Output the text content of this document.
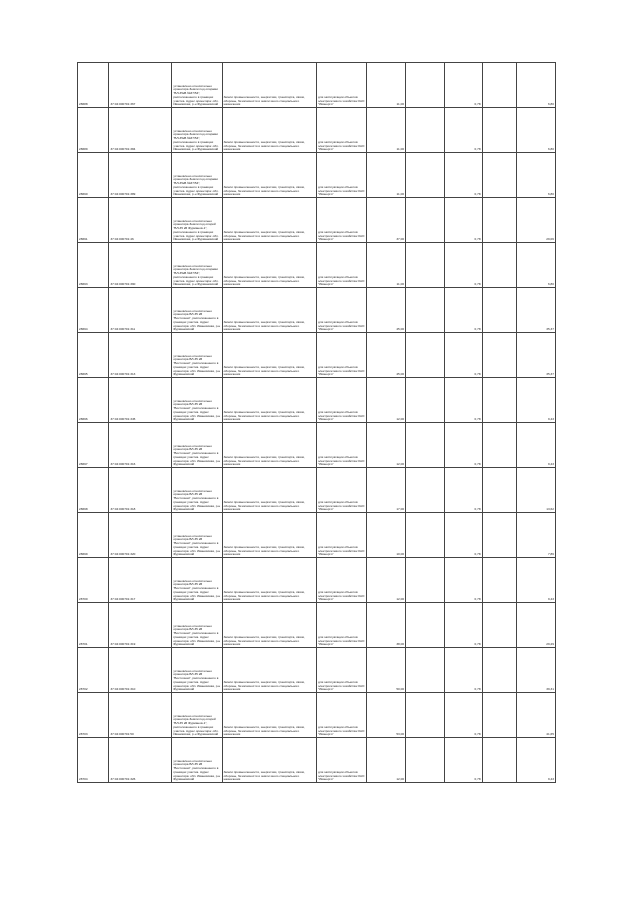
28688	37:04:000701:367	установлено относительно ориентира Земли под опорами "ВЛ-35кВ №37/54", расположенного в границах участка. Адрес ориентира: обл. Ивановская, р-н Фурмановский	Земли промышленности, энергетики, транспорта, связи, обороны, безопасности и земли иного специального назначения	для эксплуатации объектов электросетевого хозяйства ОАО "Ивэнерго"	11,00		0,78		6,80
28689	37:04:000701:384	установлено относительно ориентира Земли под опорами "ВЛ-35кВ №37/54", расположенного в границах участка. Адрес ориентира: обл. Ивановская, р-н Фурмановский	Земли промышленности, энергетики, транспорта, связи, обороны, безопасности и земли иного специального назначения	для эксплуатации объектов электросетевого хозяйства ОАО "Ивэнерго"	11,00		0,78		6,80
28690	37:04:000701:389	установлено относительно ориентира Земли под опорами "ВЛ-35кВ №37/54", расположенного в границах участка. Адрес ориентира: обл. Ивановская, р-н Фурмановский	Земли промышленности, энергетики, транспорта, связи, обороны, безопасности и земли иного специального назначения	для эксплуатации объектов электросетевого хозяйства ОАО "Ивэнерго"	11,00		0,78		6,80
28691	37:04:000701:46	установлено относительно ориентира Земли под опорой "ВЛ-35 кВ Фурманов-1", расположенного в границах участка. Адрес ориентира: обл. Ивановская, р-н Фурмановский	Земли промышленности, энергетики, транспорта, связи, обороны, безопасности и земли иного специального назначения	для эксплуатации объектов электросетевого хозяйства ОАО "Ивэнерго"	37,00		0,78		29,06
28693	37:04:000701:390	установлено относительно ориентира Земли под опорами "ВЛ-35кВ №37/54", расположенного в границах участка. Адрес ориентира: обл. Ивановская, р-н Фурмановский	Земли промышленности, энергетики, транспорта, связи, обороны, безопасности и земли иного специального назначения	для эксплуатации объектов электросетевого хозяйства ОАО "Ивэнерго"	11,00		0,78		6,80
28694	37:04:000701:311	установлено относительно ориентира ВЛ-35 кВ "Восточная", расположенного в границах участка. Адрес ориентира: обл. Ивановская, р-н Фурмановский	Земли промышленности, энергетики, транспорта, связи, обороны, безопасности и земли иного специального назначения	для эксплуатации объектов электросетевого хозяйства ОАО "Ивэнерго"	45,00		0,78		35,37
28695	37:04:000701:313	установлено относительно ориентира ВЛ-35 кВ "Восточная", расположенного в границах участка. Адрес ориентира: обл. Ивановская, р-н Фурмановский	Земли промышленности, энергетики, транспорта, связи, обороны, безопасности и земли иного специального назначения	для эксплуатации объектов электросетевого хозяйства ОАО "Ивэнерго"	45,00		0,78		35,37
28696	37:04:000701:345	установлено относительно ориентира ВЛ-35 кВ "Восточная", расположенного в границах участка. Адрес ориентира: обл. Ивановская, р-н Фурмановский	Земли промышленности, энергетики, транспорта, связи, обороны, безопасности и земли иного специального назначения	для эксплуатации объектов электросетевого хозяйства ОАО "Ивэнерго"	12,00		0,78		9,43
28697	37:04:000701:316	установлено относительно ориентира ВЛ-35 кВ "Восточная", расположенного в границах участка. Адрес ориентира: обл. Ивановская, р-н Фурмановский	Земли промышленности, энергетики, транспорта, связи, обороны, безопасности и земли иного специального назначения	для эксплуатации объектов электросетевого хозяйства ОАО "Ивэнерго"	12,00		0,78		9,43
28698	37:04:000701:318	установлено относительно ориентира ВЛ-35 кВ "Восточная", расположенного в границах участка. Адрес ориентира: обл. Ивановская, р-н Фурмановский	Земли промышленности, энергетики, транспорта, связи, обороны, безопасности и земли иного специального назначения	для эксплуатации объектов электросетевого хозяйства ОАО "Ивэнерго"	17,00		0,78		13,62
28699	37:04:000701:320	установлено относительно ориентира ВЛ-35 кВ "Восточная", расположенного в границах участка. Адрес ориентира: обл. Ивановская, р-н Фурмановский	Земли промышленности, энергетики, транспорта, связи, обороны, безопасности и земли иного специального назначения	для эксплуатации объектов электросетевого хозяйства ОАО "Ивэнерго"	10,00		0,78		7,86
28700	37:04:000701:317	установлено относительно ориентира ВЛ-35 кВ "Восточная", расположенного в границах участка. Адрес ориентира: обл. Ивановская, р-н Фурмановский	Земли промышленности, энергетики, транспорта, связи, обороны, безопасности и земли иного специального назначения	для эксплуатации объектов электросетевого хозяйства ОАО "Ивэнерго"	12,00		0,78		9,43
28701	37:04:000701:319	установлено относительно ориентира ВЛ-35 кВ "Восточная", расположенного в границах участка. Адрес ориентира: обл. Ивановская, р-н Фурмановский	Земли промышленности, энергетики, транспорта, связи, обороны, безопасности и земли иного специального назначения	для эксплуатации объектов электросетевого хозяйства ОАО "Ивэнерго"	38,00		0,78		29,29
28702	37:04:000701:310	установлено относительно ориентира ВЛ-35 кВ "Восточная", расположенного в границах участка. Адрес ориентира: обл. Ивановская, р-н Фурмановский	Земли промышленности, энергетики, транспорта, связи, обороны, безопасности и земли иного специального назначения	для эксплуатации объектов электросетевого хозяйства ОАО "Ивэнерго"	50,00		0,78		39,31
28703	37:04:000701:50	установлено относительно ориентира Земли под опорой "ВЛ-35 кВ Фурманов-1", расположенного в границах участка. Адрес ориентира: обл. Ивановская, р-н Фурмановский	Земли промышленности, энергетики, транспорта, связи, обороны, безопасности и земли иного специального назначения	для эксплуатации объектов электросетевого хозяйства ОАО "Ивэнерго"	53,00		0,78		41,65
28704	37:04:000701:326	установлено относительно ориентира ВЛ-35 кВ "Восточная", расположенного в границах участка. Адрес ориентира: обл. Ивановская, р-н Фурмановский	Земли промышленности, энергетики, транспорта, связи, обороны, безопасности и земли иного специального назначения	для эксплуатации объектов электросетевого хозяйства ОАО "Ивэнерго"	12,00		0,78		9,43
